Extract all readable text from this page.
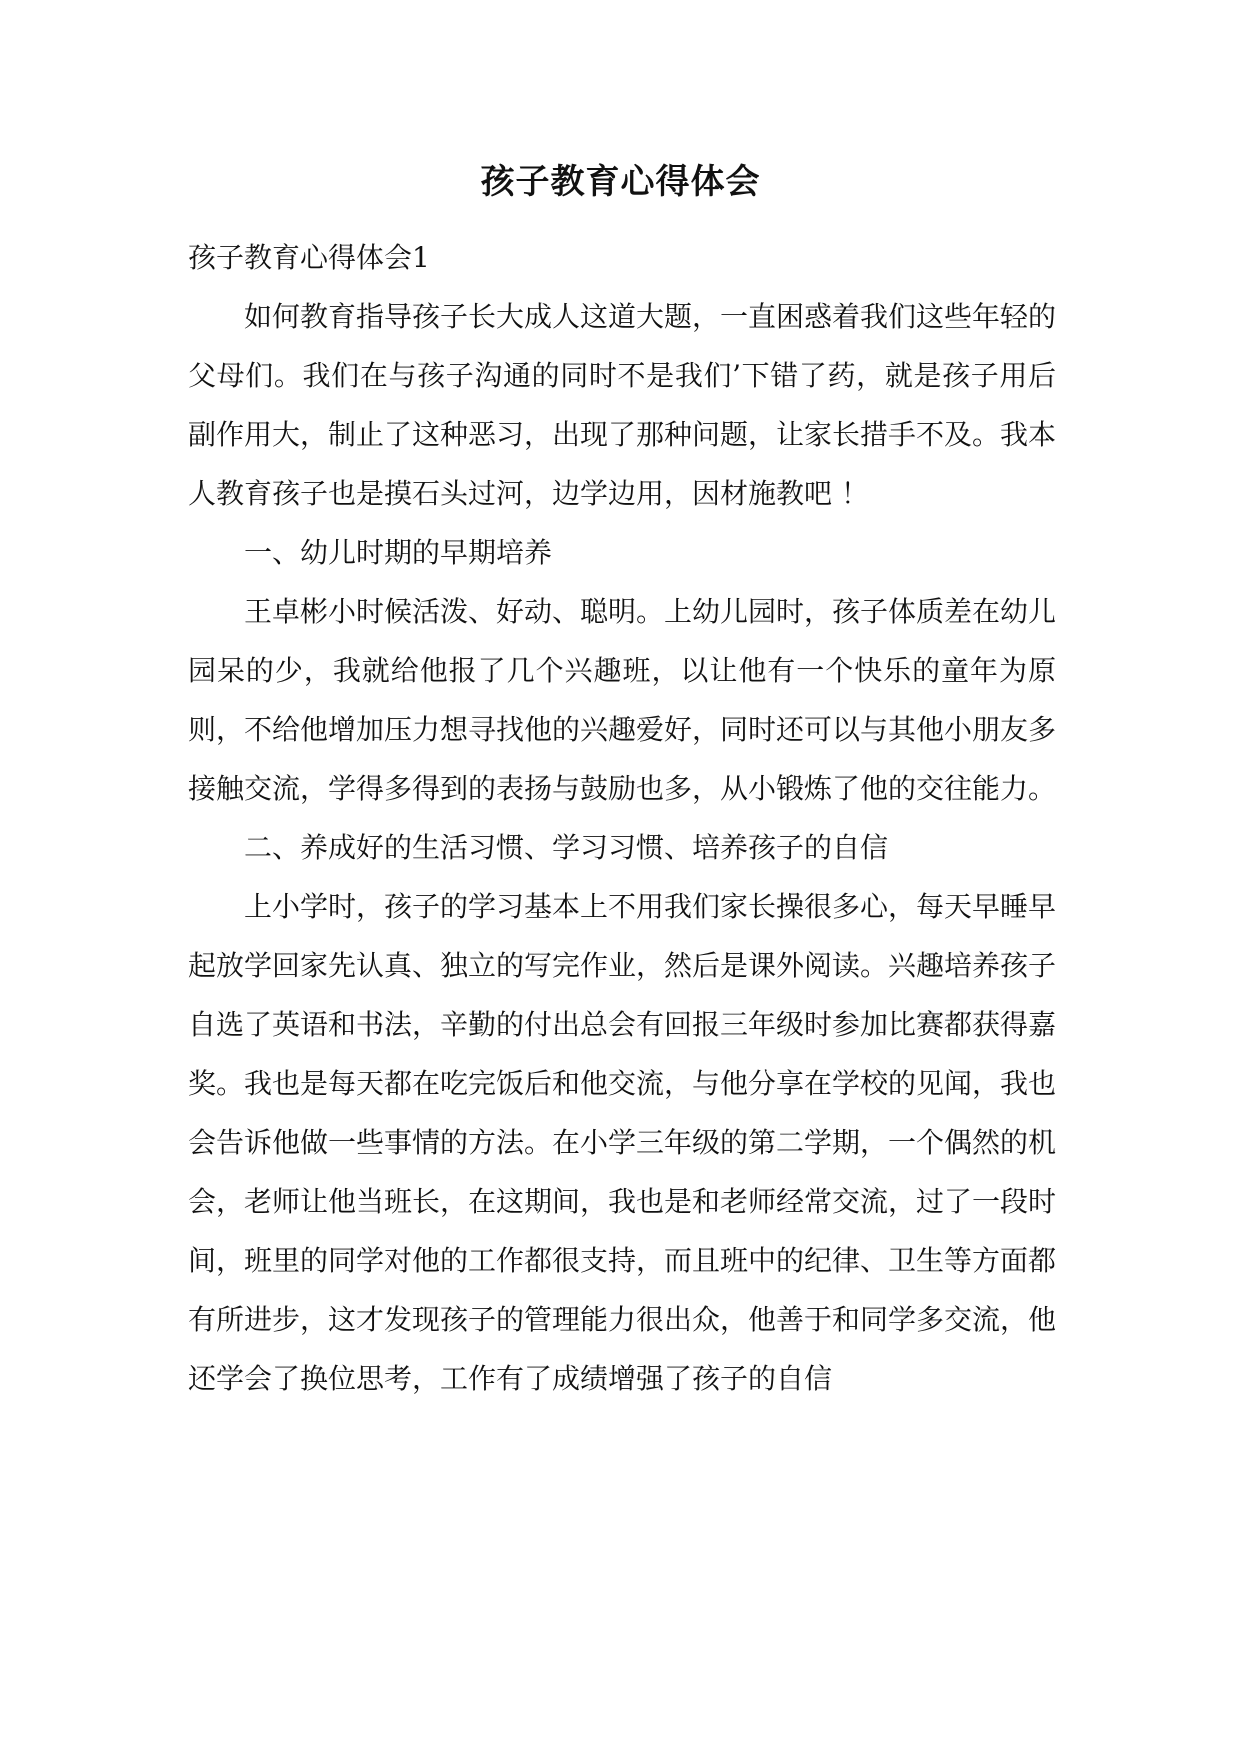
孩子教育心得体会

孩子教育心得体会1

如何教育指导孩子长大成人这道大题，一直困惑着我们这些年轻的父母们。我们在与孩子沟通的同时不是我们’下错了药，就是孩子用后副作用大，制止了这种恶习，出现了那种问题，让家长措手不及。我本人教育孩子也是摸石头过河，边学边用，因材施教吧 ！

一、幼儿时期的早期培养

王卓彬小时候活泼、好动、聪明。上幼儿园时，孩子体质差在幼儿园呆的少，我就给他报了几个兴趣班，以让他有一个快乐的童年为原则，不给他增加压力想寻找他的兴趣爱好，同时还可以与其他小朋友多接触交流，学得多得到的表扬与鼓励也多，从小锻炼了他的交往能力。

二、养成好的生活习惯、学习习惯、培养孩子的自信

上小学时，孩子的学习基本上不用我们家长操很多心，每天早睡早起放学回家先认真、独立的写完作业，然后是课外阅读。兴趣培养孩子自选了英语和书法，辛勤的付出总会有回报三年级时参加比赛都获得嘉奖。我也是每天都在吃完饭后和他交流，与他分享在学校的见闻，我也会告诉他做一些事情的方法。在小学三年级的第二学期，一个偶然的机会，老师让他当班长，在这期间，我也是和老师经常交流，过了一段时间，班里的同学对他的工作都很支持，而且班中的纪律、卫生等方面都有所进步，这才发现孩子的管理能力很出众，他善于和同学多交流，他还学会了换位思考，工作有了成绩增强了孩子的自信
